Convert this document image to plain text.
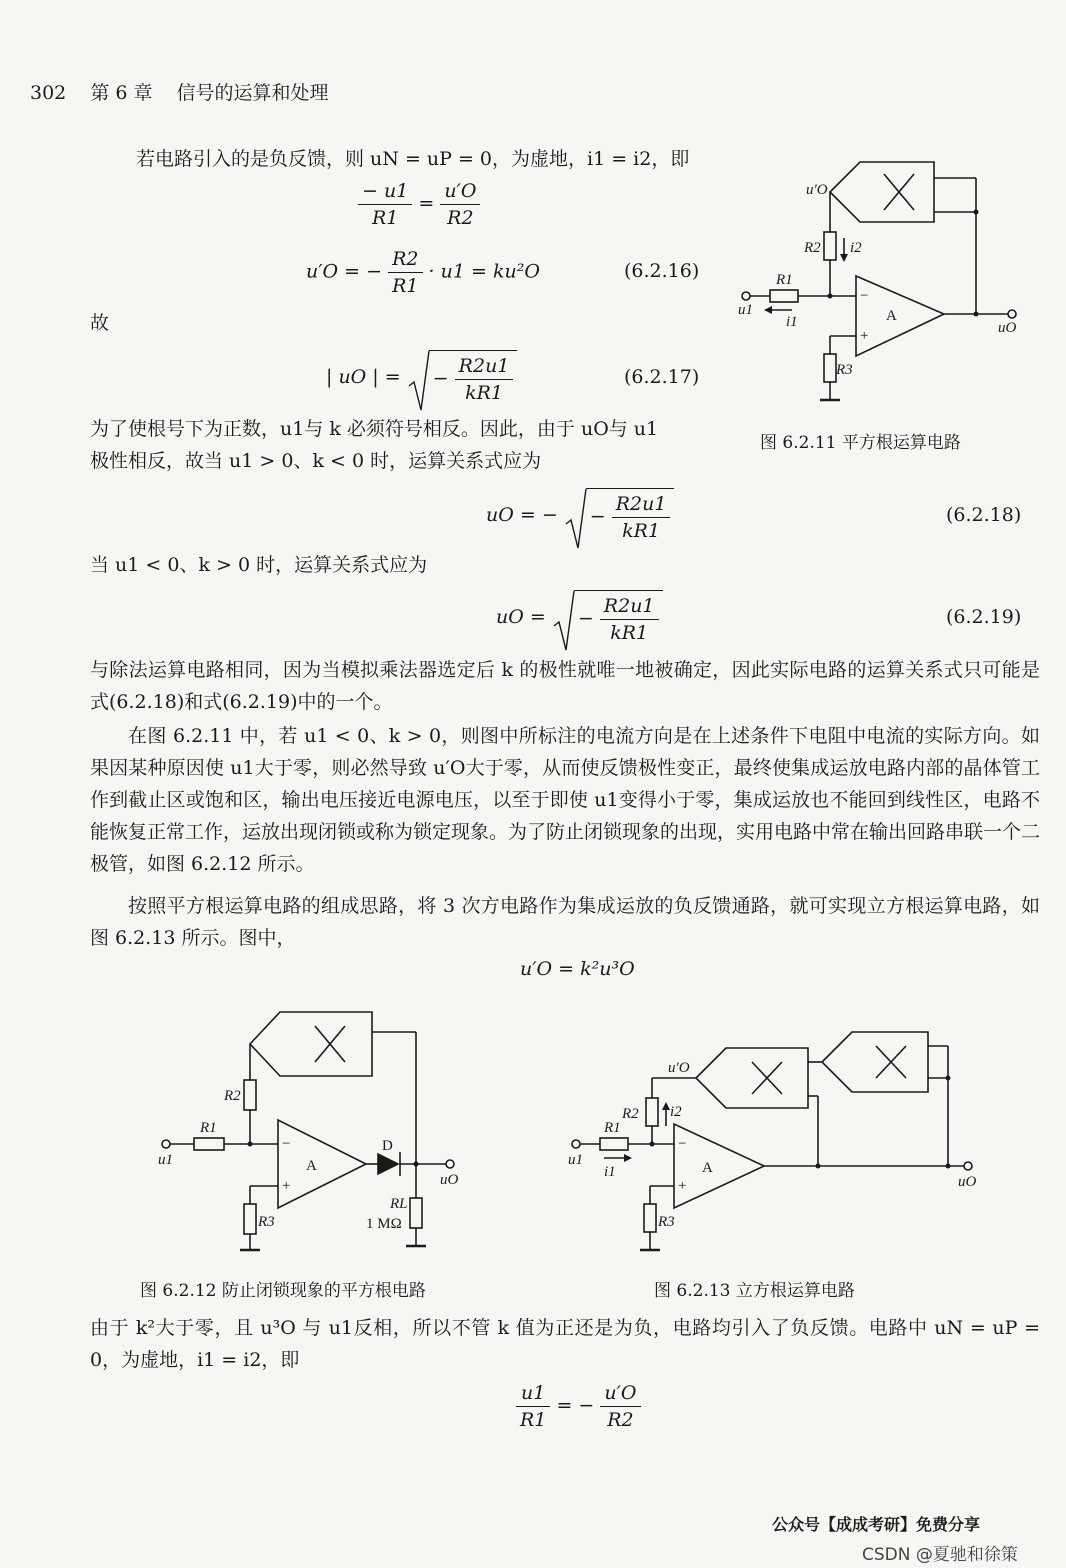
302 第 6 章 信号的运算和处理
若电路引入的是负反馈，则 uN = uP = 0，为虚地，i1 = i2，即
$\frac{- u1}{R1} = \frac{u'O}{R2}$
u′O = − $\frac{R2}{R1} \cdot u1 = ku^2O$	(6.2.16)
故
| uO | = − $\frac{R2u1}{kR1}$	(6.2.17)
为了使根号下为正数，u1与 k 必须符号相反。因此，由于 uO与 u1
极性相反，故当 u1 > 0、k < 0 时，运算关系式应为
uO = − − $\frac{R2u1}{kR1}$	(6.2.18)
当 u1 < 0、k > 0 时，运算关系式应为
uO = − $\frac{R2u1}{kR1}$	(6.2.19)
与除法运算电路相同，因为当模拟乘法器选定后 k 的极性就唯一地被确定，因此实际电路的运算关系式只可能是式(6.2.18)和式(6.2.19)中的一个。
在图 6.2.11 中，若 u1 < 0、k > 0，则图中所标注的电流方向是在上述条件下电阻中电流的实际方向。如果因某种原因使 u1大于零，则必然导致 u′O大于零，从而使反馈极性变正，最终使集成运放电路内部的晶体管工作到截止区或饱和区，输出电压接近电源电压，以至于即使 u1变得小于零，集成运放也不能回到线性区，电路不能恢复正常工作，运放出现闭锁或称为锁定现象。为了防止闭锁现象的出现，实用电路中常在输出回路串联一个二极管，如图 6.2.12 所示。
按照平方根运算电路的组成思路，将 3 次方电路作为集成运放的负反馈通路，就可实现立方根运算电路，如图 6.2.13 所示。图中，
u′O = k²u³O
u′O
R2 i2
R1
u1
i1
R3
uO
A
−
+
图 6.2.11 平方根运算电路
R2
R1
u1
R3
RL
uO
A
−
+
D
1 MΩ
图 6.2.12 防止闭锁现象的平方根电路
u′O
R2 i2
R1
u1
i1
R3
uO
A
−
+
图 6.2.13 立方根运算电路
由于 k²大于零，且 u³O 与 u1反相，所以不管 k 值为正还是为负，电路均引入了负反馈。电路中 uN = uP = 0，为虚地，i1 = i2，即
$\frac{u1}{R1}$ = − $\frac{u'O}{R2}$
公众号【成成考研】免费分享
CSDN @夏驰和徐策
